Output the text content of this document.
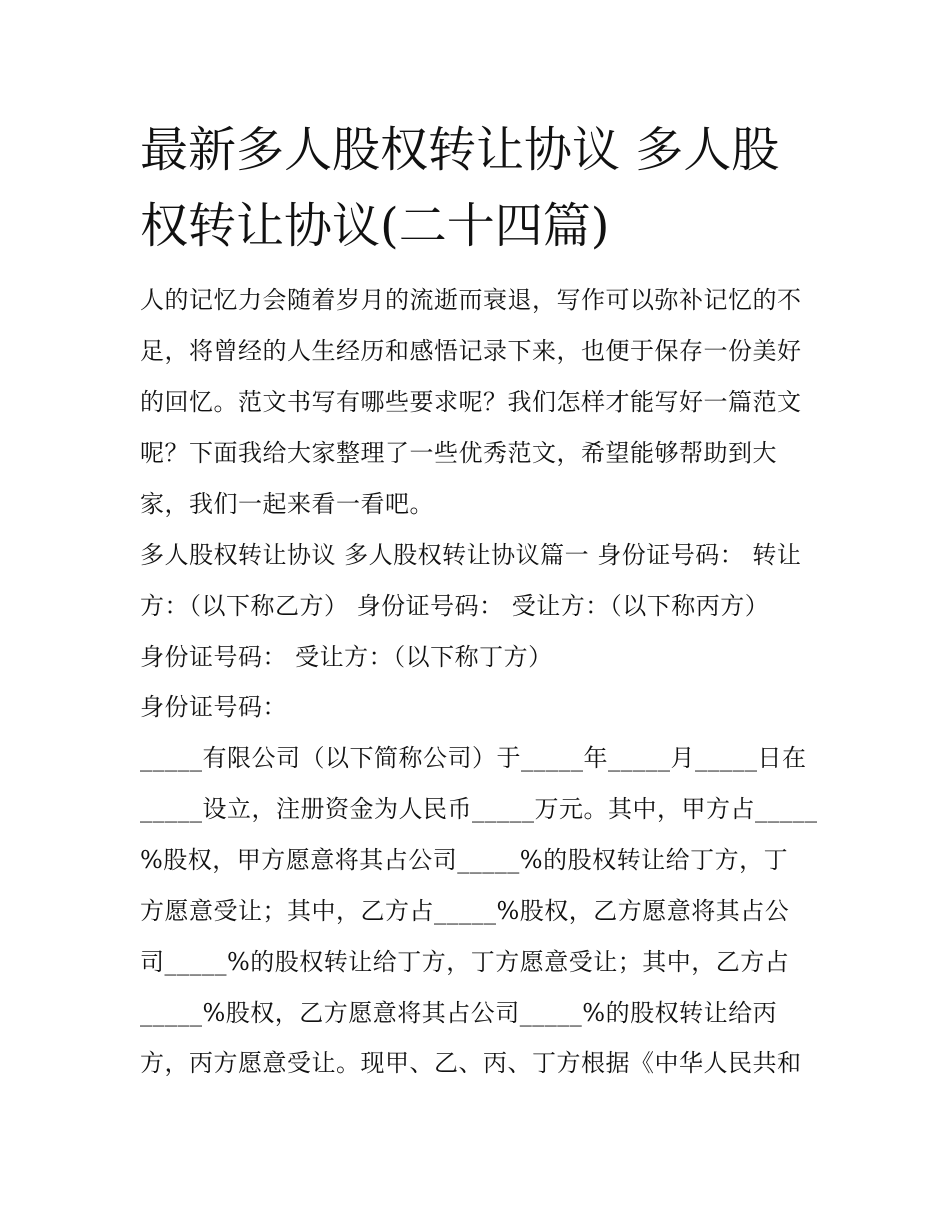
最新多人股权转让协议 多人股
权转让协议(二十四篇)
人的记忆力会随着岁月的流逝而衰退，写作可以弥补记忆的不
足，将曾经的人生经历和感悟记录下来，也便于保存一份美好
的回忆。范文书写有哪些要求呢？我们怎样才能写好一篇范文
呢？下面我给大家整理了一些优秀范文，希望能够帮助到大
家，我们一起来看一看吧。
多人股权转让协议 多人股权转让协议篇一 身份证号码： 转让
方：（以下称乙方） 身份证号码： 受让方：（以下称丙方）
身份证号码： 受让方：（以下称丁方）
身份证号码：
_____有限公司（以下简称公司）于_____年_____月_____日在
_____设立，注册资金为人民币_____万元。其中，甲方占_____
%股权，甲方愿意将其占公司_____%的股权转让给丁方，丁
方愿意受让；其中，乙方占_____%股权，乙方愿意将其占公
司_____%的股权转让给丁方，丁方愿意受让；其中，乙方占
_____%股权，乙方愿意将其占公司_____%的股权转让给丙
方，丙方愿意受让。现甲、乙、丙、丁方根据《中华人民共和
